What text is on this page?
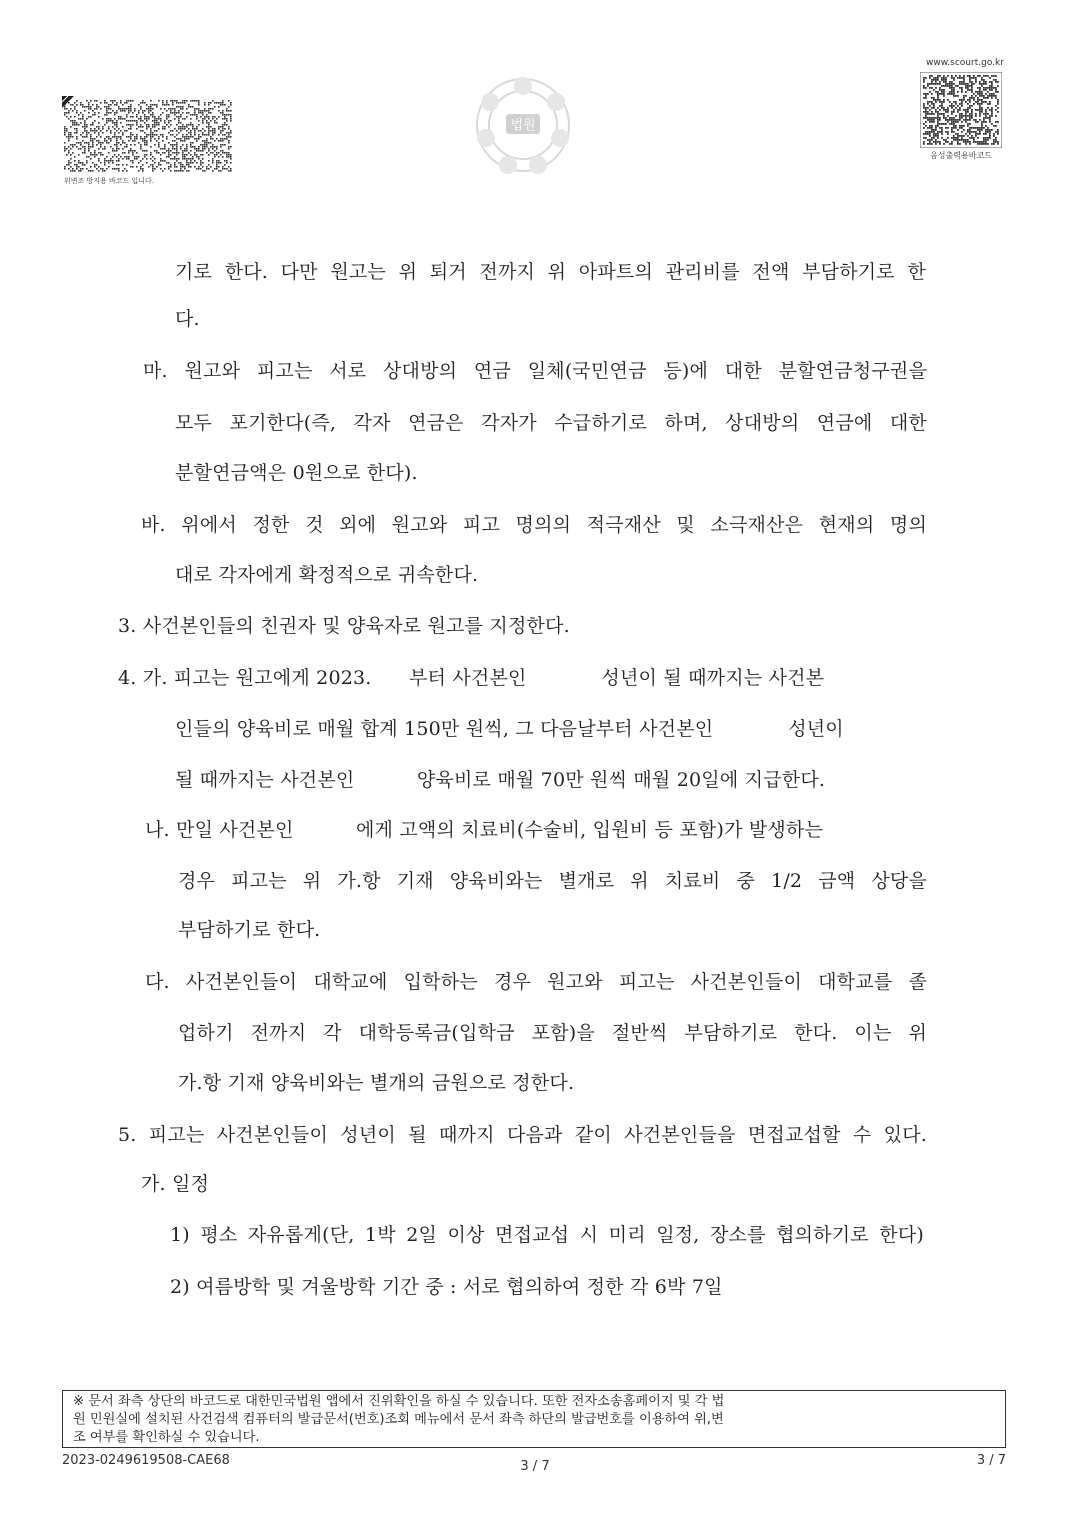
위변조 방지용 바코드 입니다.
법원
www.scourt.go.kr
음성출력용바코드
기로 한다. 다만 원고는 위 퇴거 전까지 위 아파트의 관리비를 전액 부담하기로 한
다.
마. 원고와 피고는 서로 상대방의 연금 일체(국민연금 등)에 대한 분할연금청구권을
모두 포기한다(즉, 각자 연금은 각자가 수급하기로 하며, 상대방의 연금에 대한
분할연금액은 0원으로 한다).
바. 위에서 정한 것 외에 원고와 피고 명의의 적극재산 및 소극재산은 현재의 명의
대로 각자에게 확정적으로 귀속한다.
3. 사건본인들의 친권자 및 양육자로 원고를 지정한다.
4. 가. 피고는 원고에게 2023.      부터 사건본인            성년이 될 때까지는 사건본
인들의 양육비로 매월 합계 150만 원씩, 그 다음날부터 사건본인            성년이
될 때까지는 사건본인          양육비로 매월 70만 원씩 매월 20일에 지급한다.
나. 만일 사건본인          에게 고액의 치료비(수술비, 입원비 등 포함)가 발생하는
경우 피고는 위 가.항 기재 양육비와는 별개로 위 치료비 중 1/2 금액 상당을
부담하기로 한다.
다. 사건본인들이 대학교에 입학하는 경우 원고와 피고는 사건본인들이 대학교를 졸
업하기 전까지 각 대학등록금(입학금 포함)을 절반씩 부담하기로 한다. 이는 위
가.항 기재 양육비와는 별개의 금원으로 정한다.
5. 피고는 사건본인들이 성년이 될 때까지 다음과 같이 사건본인들을 면접교섭할 수 있다.
가. 일정
1) 평소 자유롭게(단, 1박 2일 이상 면접교섭 시 미리 일정, 장소를 협의하기로 한다)
2) 여름방학 및 겨울방학 기간 중 : 서로 협의하여 정한 각 6박 7일
※ 문서 좌측 상단의 바코드로 대한민국법원 앱에서 진위확인을 하실 수 있습니다. 또한 전자소송홈페이지 및 각 법
원 민원실에 설치된 사건검색 컴퓨터의 발급문서(번호)조회 메뉴에서 문서 좌측 하단의 발급번호를 이용하여 위,변
조 여부를 확인하실 수 있습니다.
2023-0249619508-CAE68	3 / 7	3 / 7
